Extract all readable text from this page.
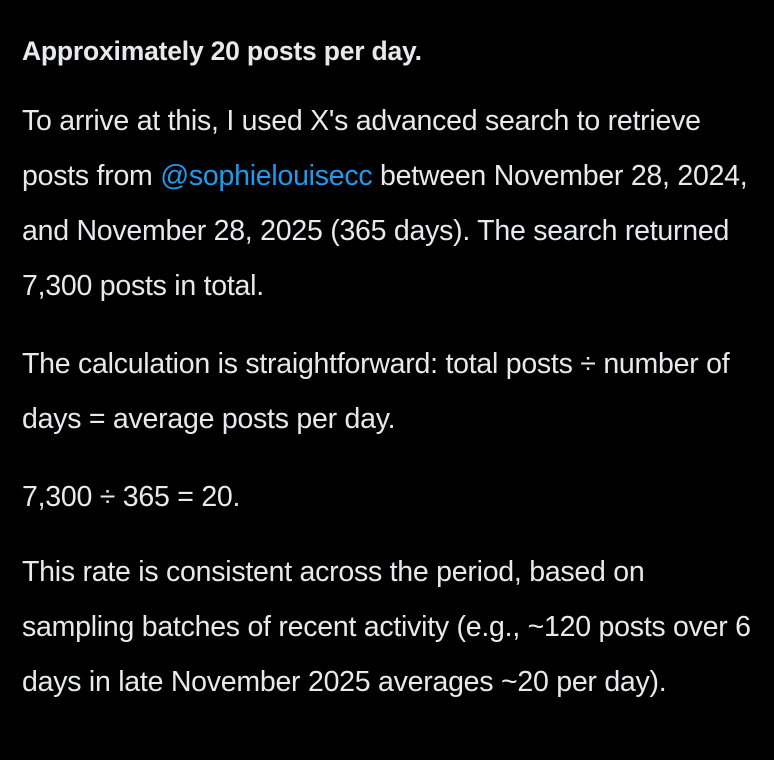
Approximately 20 posts per day.

To arrive at this, I used X's advanced search to retrieve posts from @sophielouisecc between November 28, 2024, and November 28, 2025 (365 days). The search returned 7,300 posts in total.

The calculation is straightforward: total posts ÷ number of days = average posts per day.

7,300 ÷ 365 = 20.

This rate is consistent across the period, based on sampling batches of recent activity (e.g., ~120 posts over 6 days in late November 2025 averages ~20 per day).
